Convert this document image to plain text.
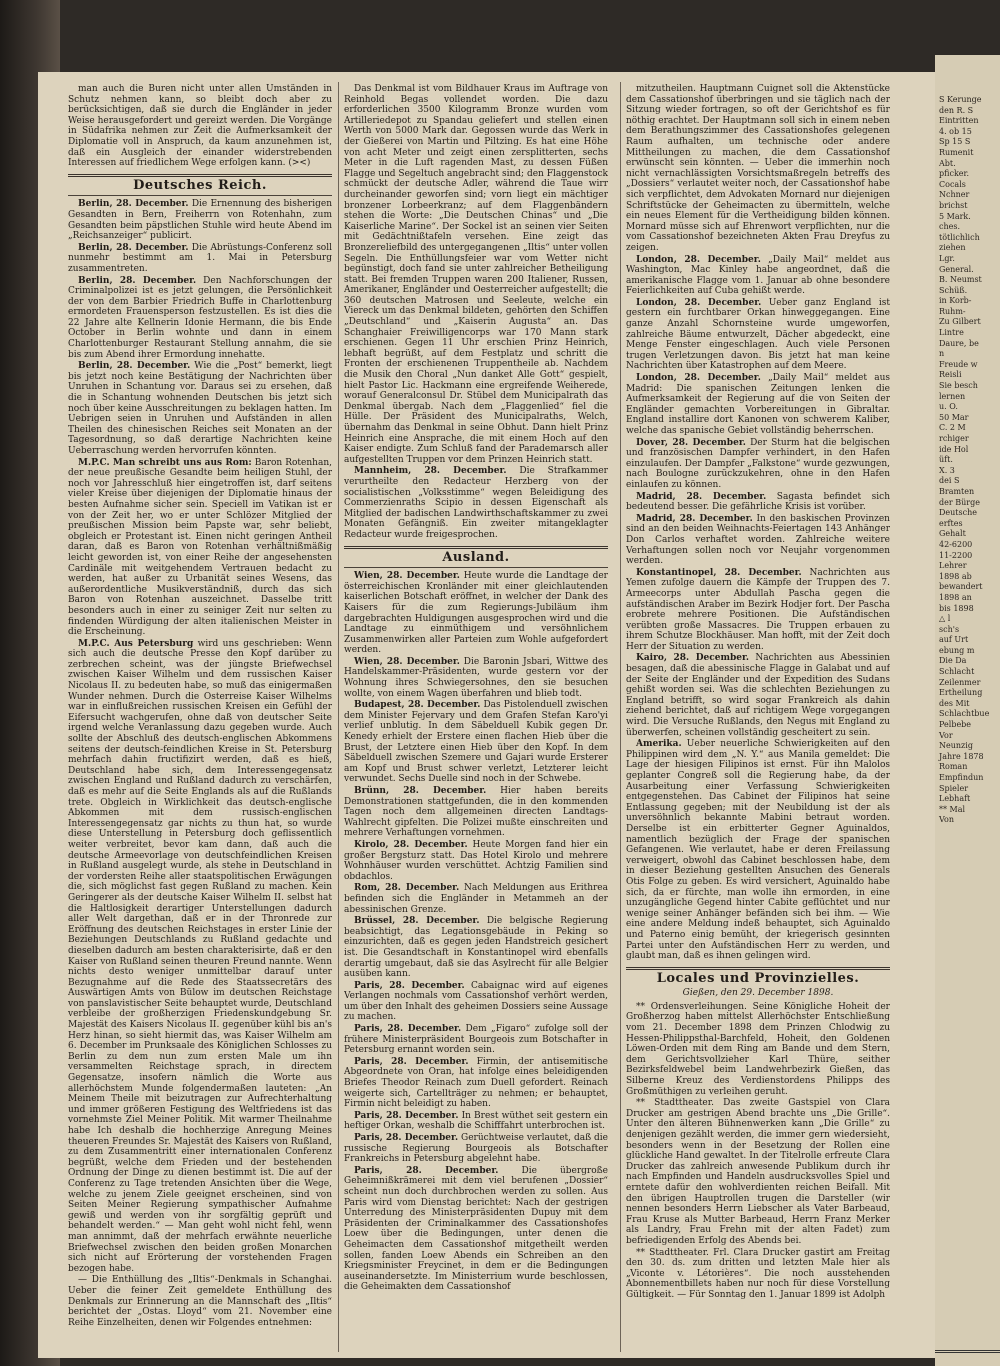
man auch die Buren nicht unter allen Umständen in Schutz nehmen kann, so bleibt doch aber zu berücksichtigen, daß sie durch die Engländer in jeder Weise herausgefordert und gereizt werden. Die Vorgänge in Südafrika nehmen zur Zeit die Aufmerksamkeit der Diplomatie voll in Anspruch, da kaum anzunehmen ist, daß ein Ausgleich der einander widerstrebenden Interessen auf friedlichem Wege erfolgen kann. (><)

Deutsches Reich.

Berlin, 28. December. Die Ernennung des bisherigen Gesandten in Bern, Freiherrn von Rotenhahn, zum Gesandten beim päpstlichen Stuhle wird heute Abend im „Reichsanzeiger“ publicirt.

Berlin, 28. December. Die Abrüstungs-Conferenz soll nunmehr bestimmt am 1. Mai in Petersburg zusammentreten.

Berlin, 28. December. Den Nachforschungen der Criminalpolizei ist es jetzt gelungen, die Persönlichkeit der von dem Barbier Friedrich Buffe in Charlottenburg ermordeten Frauensperson festzustellen. Es ist dies die 22 Jahre alte Kellnerin Idonie Hermann, die bis Ende October in Berlin wohnte und dann in einem Charlottenburger Restaurant Stellung annahm, die sie bis zum Abend ihrer Ermordung innehatte.

Berlin, 28. December. Wie die „Post“ bemerkt, liegt bis jetzt noch keine Bestätigung der Nachrichten über Unruhen in Schantung vor. Daraus sei zu ersehen, daß die in Schantung wohnenden Deutschen bis jetzt sich noch über keine Ausschreitungen zu beklagen hatten. Im Uebrigen seien in Unruhen und Aufständen in allen Theilen des chinesischen Reiches seit Monaten an der Tagesordnung, so daß derartige Nachrichten keine Ueberraschung werden hervorrufen könnten.

M.P.C. Man schreibt uns aus Rom: Baron Rotenhan, der neue preußische Gesandte beim heiligen Stuhl, der noch vor Jahresschluß hier eingetroffen ist, darf seitens vieler Kreise über diejenigen der Diplomatie hinaus der besten Aufnahme sicher sein. Speciell im Vatikan ist er von der Zeit her, wo er unter Schlözer Mitglied der preußischen Mission beim Papste war, sehr beliebt, obgleich er Protestant ist. Einen nicht geringen Antheil daran, daß es Baron von Rotenhan verhältnißmäßig leicht geworden ist, von einer Reihe der angesehensten Cardinäle mit weitgehendem Vertrauen bedacht zu werden, hat außer zu Urbanität seines Wesens, das außerordentliche Musikverständniß, durch das sich Baron von Rotenhan auszeichnet. Dasselbe tritt besonders auch in einer zu seiniger Zeit nur selten zu findenden Würdigung der alten italienischen Meister in die Erscheinung.

M.P.C. Aus Petersburg wird uns geschrieben: Wenn sich auch die deutsche Presse den Kopf darüber zu zerbrechen scheint, was der jüngste Briefwechsel zwischen Kaiser Wilhelm und dem russischen Kaiser Nicolaus II. zu bedeuten habe, so muß das einigermaßen Wunder nehmen. Durch die Osterreise Kaiser Wilhelms war in einflußreichen russischen Kreisen ein Gefühl der Eifersucht wachgerufen, ohne daß von deutscher Seite irgend welche Veranlassung dazu gegeben wurde. Auch sollte der Abschluß des deutsch-englischen Abkommens seitens der deutsch-feindlichen Kreise in St. Petersburg mehrfach dahin fructifizirt werden, daß es hieß, Deutschland habe sich, dem Interessengegensatz zwischen England und Rußland dadurch zu verschärfen, daß es mehr auf die Seite Englands als auf die Rußlands trete. Obgleich in Wirklichkeit das deutsch-englische Abkommen mit dem russisch-englischen Interessengegensatz gar nichts zu thun hat, so wurde diese Unterstellung in Petersburg doch geflissentlich weiter verbreitet, bevor kam dann, daß auch die deutsche Armeevorlage von deutschfeindlichen Kreisen in Rußland ausgelegt wurde, als stehe in Deutschland in der vordersten Reihe aller staatspolitischen Erwägungen die, sich möglichst fast gegen Rußland zu machen. Kein Geringerer als der deutsche Kaiser Wilhelm II. selbst hat die Haltlosigkeit derartiger Unterstellungen dadurch aller Welt dargethan, daß er in der Thronrede zur Eröffnung des deutschen Reichstages in erster Linie der Beziehungen Deutschlands zu Rußland gedachte und dieselben dadurch am besten charakterisirte, daß er den Kaiser von Rußland seinen theuren Freund nannte. Wenn nichts desto weniger unmittelbar darauf unter Bezugnahme auf die Rede des Staatssecretärs des Auswärtigen Amts von Bülow im deutschen Reichstage von panslavistischer Seite behauptet wurde, Deutschland verbleibe der großherzigen Friedenskundgebung Sr. Majestät des Kaisers Nicolaus II. gegenüber kühl bis an's Herz hinan, so sieht hiermit das, was Kaiser Wilhelm am 6. December im Prunksaale des Königlichen Schlosses zu Berlin zu dem nun zum ersten Male um ihn versammelten Reichstage sprach, in directem Gegensatze, insofern nämlich die Worte aus allerhöchstem Munde folgendermaßen lauteten: „An Meinem Theile mit beizutragen zur Aufrechterhaltung und immer größeren Festigung des Weltfriedens ist das vornehmste Ziel Meiner Politik. Mit warmer Theilnahme habe Ich deshalb die hochherzige Anregung Meines theueren Freundes Sr. Majestät des Kaisers von Rußland, zu dem Zusammentritt einer internationalen Conferenz begrüßt, welche dem Frieden und der bestehenden Ordnung der Dinge zu dienen bestimmt ist. Die auf der Conferenz zu Tage tretenden Ansichten über die Wege, welche zu jenem Ziele geeignet erscheinen, sind von Seiten Meiner Regierung sympathischer Aufnahme gewiß und werden von ihr sorgfältig geprüft und behandelt werden.“ — Man geht wohl nicht fehl, wenn man annimmt, daß der mehrfach erwähnte neuerliche Briefwechsel zwischen den beiden großen Monarchen sich nicht auf Erörterung der vorstehenden Fragen bezogen habe.

— Die Enthüllung des „Iltis“-Denkmals in Schanghai. Ueber die feiner Zeit gemeldete Enthüllung des Denkmals zur Erinnerung an die Mannschaft des „Iltis“ berichtet der „Ostas. Lloyd“ vom 21. November eine Reihe Einzelheiten, denen wir Folgendes entnehmen:

Das Denkmal ist vom Bildhauer Kraus im Auftrage von Reinhold Begas vollendet worden. Die dazu erforderlichen 3500 Kilogramm Bronze wurden vom Artilleriedepot zu Spandau geliefert und stellen einen Werth von 5000 Mark dar. Gegossen wurde das Werk in der Gießerei von Martin und Piltzing. Es hat eine Höhe von acht Meter und zeigt einen zersplitterten, sechs Meter in die Luft ragenden Mast, zu dessen Füßen Flagge und Segeltuch angebracht sind; den Flaggenstock schmückt der deutsche Adler, während die Taue wirr durcheinander geworfen sind; vorn liegt ein mächtiger bronzener Lorbeerkranz; auf dem Flaggenbändern stehen die Worte: „Die Deutschen Chinas“ und „Die Kaiserliche Marine“. Der Sockel ist an seinen vier Seiten mit Gedächtnißtafeln versehen. Eine zeigt das Bronzereliefbild des untergegangenen „Iltis“ unter vollen Segeln. Die Enthüllungsfeier war vom Wetter nicht begünstigt, doch fand sie unter zahlreicher Betheiligung statt. Bei fremden Truppen waren 200 Italiener, Russen, Amerikaner, Engländer und Oesterreicher aufgestellt; die 360 deutschen Matrosen und Seeleute, welche ein Viereck um das Denkmal bildeten, gehörten den Schiffen „Deutschland“ und „Kaiserin Augusta“ an. Das Schanghaier Freiwilligencorps war 170 Mann stark erschienen. Gegen 11 Uhr erschien Prinz Heinrich, lebhaft begrüßt, auf dem Festplatz und schritt die Fronten der erschienenen Truppentheile ab. Nachdem die Musik den Choral „Nun danket Alle Gott“ gespielt, hielt Pastor Lic. Hackmann eine ergreifende Weiherede, worauf Generalconsul Dr. Stübel dem Municipalrath das Denkmal übergab. Nach dem „Flaggenlied“ fiel die Hülle. Der Präsident des Municipalraths, Welch, übernahm das Denkmal in seine Obhut. Dann hielt Prinz Heinrich eine Ansprache, die mit einem Hoch auf den Kaiser endigte. Zum Schluß fand der Parademarsch aller aufgestellten Truppen vor dem Prinzen Heinrich statt.

Mannheim, 28. December. Die Strafkammer verurtheilte den Redacteur Herzberg von der socialistischen „Volksstimme“ wegen Beleidigung des Commerzienraths Scipio in dessen Eigenschaft als Mitglied der badischen Landwirthschaftskammer zu zwei Monaten Gefängniß. Ein zweiter mitangeklagter Redacteur wurde freigesprochen.

Ausland.

Wien, 28. December. Heute wurde die Landtage der österreichischen Kronländer mit einer gleichlautenden kaiserlichen Botschaft eröffnet, in welcher der Dank des Kaisers für die zum Regierungs-Jubiläum ihm dargebrachten Huldigungen ausgesprochen wird und die Landtage zu einmüthigem und versöhnlichem Zusammenwirken aller Parteien zum Wohle aufgefordert werden.

Wien, 28. December. Die Baronin Jsbari, Wittwe des Handelskammer-Präsidenten, wurde gestern vor der Wohnung ihres Schwiegersohnes, den sie besuchen wollte, von einem Wagen überfahren und blieb todt.

Budapest, 28. December. Das Pistolenduell zwischen dem Minister Fejervary und dem Grafen Stefan Karo'yi verlief unblutig. In dem Säbelduell Kubik gegen Dr. Kenedy erhielt der Erstere einen flachen Hieb über die Brust, der Letztere einen Hieb über den Kopf. In dem Säbelduell zwischen Szemere und Gajari wurde Ersterer am Kopf und Brust schwer verletzt, Letzterer leicht verwundet. Sechs Duelle sind noch in der Schwebe.

Brünn, 28. December. Hier haben bereits Demonstrationen stattgefunden, die in den kommenden Tagen noch dem allgemeinen directen Landtags-Wahlrecht gipfelten. Die Polizei mußte einschreiten und mehrere Verhaftungen vornehmen.

Kirolo, 28. December. Heute Morgen fand hier ein großer Bergsturz statt. Das Hotel Kirolo und mehrere Wohnhäuser wurden verschüttet. Achtzig Familien sind obdachlos.

Rom, 28. December. Nach Meldungen aus Erithrea befinden sich die Engländer in Metammeh an der abessinischen Grenze.

Brüssel, 28. December. Die belgische Regierung beabsichtigt, das Legationsgebäude in Peking so einzurichten, daß es gegen jeden Handstreich gesichert ist. Die Gesandtschaft in Konstantinopel wird ebenfalls derartig umgebaut, daß sie das Asylrecht für alle Belgier ausüben kann.

Paris, 28. December. Cabaignac wird auf eigenes Verlangen nochmals vom Cassationshof verhört werden, um über den Inhalt des geheimen Dossiers seine Aussage zu machen.

Paris, 28. December. Dem „Figaro“ zufolge soll der frühere Ministerpräsident Bourgeois zum Botschafter in Petersburg ernannt worden sein.

Paris, 28. December. Firmin, der antisemitische Abgeordnete von Oran, hat infolge eines beleidigenden Briefes Theodor Reinach zum Duell gefordert. Reinach weigerte sich, Cartellträger zu nehmen; er behauptet, Firmin nicht beleidigt zu haben.

Paris, 28. December. In Brest wüthet seit gestern ein heftiger Orkan, weshalb die Schifffahrt unterbrochen ist.

Paris, 28. December. Gerüchtweise verlautet, daß die russische Regierung Bourgeois als Botschafter Frankreichs in Petersburg abgelehnt habe.

Paris, 28. December.	Die übergroße Geheimnißkrämerei mit dem viel berufenen „Dossier“ scheint nun doch durchbrochen werden zu sollen. Aus Paris wird vom Dienstag berichtet: Nach der gestrigen Unterredung des Ministerpräsidenten Dupuy mit dem Präsidenten der Criminalkammer des Cassationshofes Loew über die Bedingungen, unter denen die Geheimacten dem Cassationshof mitgetheilt werden sollen, fanden Loew Abends ein Schreiben an den Kriegsminister Freycinet, in dem er die Bedingungen auseinandersetzte. Im Ministerrium wurde beschlossen, die Geheimakten dem Cassationshof

mitzutheilen. Hauptmann Cuignet soll die Aktenstücke dem Cassationshof überbringen und sie täglich nach der Sitzung wieder fortragen, so oft der Gerichtshof es für nöthig erachtet. Der Hauptmann soll sich in einem neben dem Berathungszimmer des Cassationshofes gelegenen Raum aufhalten, um technische oder andere Mittheilungen zu machen, die dem Cassationshof erwünscht sein könnten. — Ueber die immerhin noch nicht vernachlässigten Vorsichtsmaßregeln betreffs des „Dossiers“ verlautet weiter noch, der Cassationshof habe sich verpflichtet, dem Advokaten Mornard nur diejenigen Schriftstücke der Geheimacten zu übermitteln, welche ein neues Element für die Vertheidigung bilden können. Mornard müsse sich auf Ehrenwort verpflichten, nur die vom Cassationshof bezeichneten Akten Frau Dreyfus zu zeigen.

London, 28. December. „Daily Mail“ meldet aus Washington, Mac Kinley habe angeordnet, daß die amerikanische Flagge vom 1. Januar ab ohne besondere Feierlichkeiten auf Cuba gehißt werde.

London, 28. December. Ueber ganz England ist gestern ein furchtbarer Orkan hinweggegangen. Eine ganze Anzahl Schornsteine wurde umgeworfen, zahlreiche Bäume entwurzelt, Dächer abgedeckt, eine Menge Fenster eingeschlagen. Auch viele Personen trugen Verletzungen davon. Bis jetzt hat man keine Nachrichten über Katastrophen auf dem Meere.

London, 28. December. „Daily Mail“ meldet aus Madrid: Die spanischen Zeitungen lenken die Aufmerksamkeit der Regierung auf die von Seiten der Engländer gemachten Vorbereitungen in Gibraltar. England installire dort Kanonen von schwerem Kaliber, welche das spanische Gebiet vollständig beherrschen.

Dover, 28. December. Der Sturm hat die belgischen und französischen Dampfer verhindert, in den Hafen einzulaufen. Der Dampfer „Falkstone“ wurde gezwungen, nach Boulogne zurückzukehren, ohne in den Hafen einlaufen zu können.

Madrid, 28. December. Sagasta befindet sich bedeutend besser. Die gefährliche Krisis ist vorüber.

Madrid, 28. December. In den baskischen Provinzen sind an den beiden Weihnachts-Feiertagen 143 Anhänger Don Carlos verhaftet worden. Zahlreiche weitere Verhaftungen sollen noch vor Neujahr vorgenommen werden.

Konstantinopel, 28. December. Nachrichten aus Yemen zufolge dauern die Kämpfe der Truppen des 7. Armeecorps unter Abdullah Pascha gegen die aufständischen Araber im Bezirk Hodjer fort. Der Pascha erobrete mehrere Positionen. Die Aufständischen verübten große Massacres. Die Truppen erbauen zu ihrem Schutze Blockhäuser. Man hofft, mit der Zeit doch Herr der Situation zu werden.

Kairo, 28. December. Nachrichten aus Abessinien besagen, daß die abessinische Flagge in Galabat und auf der Seite der Engländer und der Expedition des Sudans gehißt worden sei. Was die schlechten Beziehungen zu England betrifft, so wird sogar Frankreich als dahin ziehend berichtet, daß auf richtigem Wege vorgegangen wird. Die Versuche Rußlands, den Negus mit England zu überwerfen, scheinen vollständig gescheitert zu sein.

Amerika. Ueber neuerliche Schwierigkeiten auf den Philippinen wird dem „N. Y.“ aus Manila gemeldet: Die Lage der hiesigen Filipinos ist ernst. Für ihn Malolos geplanter Congreß soll die Regierung habe, da der Ausarbeitung einer Verfassung Schwierigkeiten entgegenstehen. Das Cabinet der Filipinos hat seine Entlassung gegeben; mit der Neubildung ist der als unversöhnlich bekannte Mabini betraut worden. Derselbe ist ein erbitterter Gegner Aguinaldos, namentlich bezüglich der Frage der spanischen Gefangenen. Wie verlautet, habe er deren Freilassung verweigert, obwohl das Cabinet beschlossen habe, dem in dieser Beziehung gestellten Ansuchen des Generals Otis Folge zu geben. Es wird versichert, Aguinaldo habe sich, da er fürchte, man wolle ihn ermorden, in eine unzugängliche Gegend hinter Cabite geflüchtet und nur wenige seiner Anhänger befänden sich bei ihm. — Wie eine andere Meldung indeß behauptet, sich Aguinaldo und Paterno einig bemüht, der kriegerisch gesinnten Partei unter den Aufständischen Herr zu werden, und glaubt man, daß es ihnen gelingen wird.

Locales und Provinzielles.

Gießen, den 29. December 1898.

** Ordensverleihungen. Seine Königliche Hoheit der Großherzog haben mittelst Allerhöchster Entschließung vom 21. December 1898 dem Prinzen Chlodwig zu Hessen-Philippsthal-Barchfeld, Hoheit, den Goldenen Löwen-Orden mit dem Ring am Bande und dem Stern, dem Gerichtsvollzieher Karl Thüre, seither Bezirksfeldwebel beim Landwehrbezirk Gießen, das Silberne Kreuz des Verdienstordens Philipps des Großmüthigen zu verleihen geruht.

** Stadttheater. Das zweite Gastspiel von Clara Drucker am gestrigen Abend brachte uns „Die Grille“. Unter den älteren Bühnenwerken kann „Die Grille“ zu denjenigen gezählt werden, die immer gern wiedersieht, besonders wenn in der Besetzung der Rollen eine glückliche Hand gewaltet. In der Titelrolle erfreute Clara Drucker das zahlreich anwesende Publikum durch ihr nach Empfinden und Handeln ausdrucksvolles Spiel und erntete dafür den wohlverdienten reichen Beifall. Mit den übrigen Hauptrollen trugen die Darsteller (wir nennen besonders Herrn Liebscher als Vater Barbeaud, Frau Kruse als Mutter Barbeaud, Herrn Franz Merker als Landry, Frau Frehn mit der alten Fadet) zum befriedigenden Erfolg des Abends bei.

** Stadttheater. Frl. Clara Drucker gastirt am Freitag den 30. ds. zum dritten und letzten Male hier als „Viconte v. Létorières“. Die noch ausstehenden Abonnementbillets haben nur noch für diese Vorstellung Gültigkeit. — Für Sonntag den 1. Januar 1899 ist Adolph

S Kerunge
den R. S
Eintritten
4. ob 15
Sp 15 S
Rumenit
Abt.
pficker.
Cocals
Nchner
brichst
5 Mark.
ches.
tötlichlich
ziehen
Lgr.
General.
B. Neumst
Schüß.
in Korb-
Ruhm-
Zu Gilbert
Lintre
Daure, be
n
Freude w
Reisli
Sie besch
lernen
u. O.
50 Mar
C. 2 M
rchiger
ide Hol
üft.
X. 3
dei S
Bramten
der Bürge
Deutsche
erftes
Gehalt
42-6200
11-2200
Lehrer
1898 ab
bewandert
1898 an
bis 1898
△ l
sch's
auf Urt
ebung m
Die Da
Schlacht
Zeilenmer
Ertheilung
des Mit
Schlachtbue
Pelbebe
Vor
Neunzig
Jahre 1878
Roman
Empfindun
Spieler
Lebhaft
** Mal
Von
